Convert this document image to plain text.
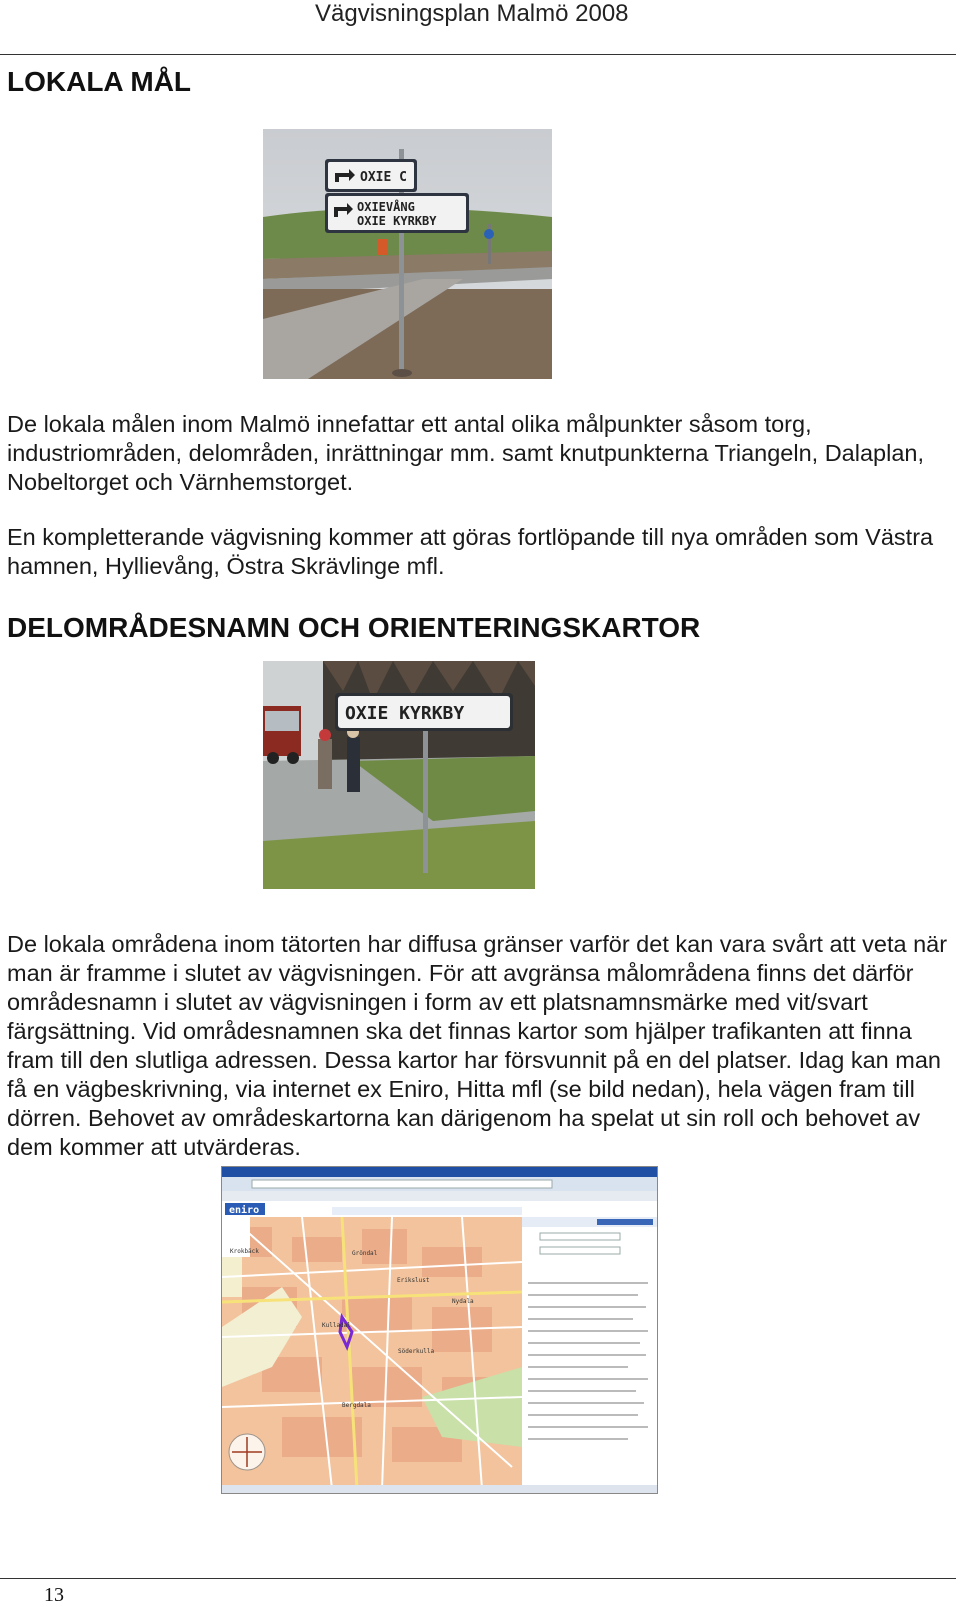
Vägvisningsplan Malmö 2008
LOKALA MÅL
OXIE C
OXIEVÅNG
OXIE KYRKBY

De lokala målen inom Malmö innefattar ett antal olika målpunkter såsom torg, industriområden, delområden, inrättningar mm. samt knutpunkterna Triangeln, Dalaplan, Nobeltorget och Värnhemstorget.

En kompletterande vägvisning kommer att göras fortlöpande till nya områden som Västra hamnen, Hyllievång, Östra Skrävlinge mfl.

DELOMRÅDESNAMN OCH ORIENTERINGSKARTOR
OXIE KYRKBY

De lokala områdena inom tätorten har diffusa gränser varför det kan vara svårt att veta när man är framme i slutet av vägvisningen. För att avgränsa målområdena finns det därför områdesnamn i slutet av vägvisningen i form av ett platsnamnsmärke med vit/svart färgsättning. Vid områdesnamnen ska det finnas kartor som hjälper trafikanten att finna fram till den slutliga adressen. Dessa kartor har försvunnit på en del platser. Idag kan man få en vägbeskrivning, via internet ex Eniro, Hitta mfl (se bild nedan), hela vägen fram till dörren. Behovet av områdeskartorna kan därigenom ha spelat ut sin roll och behovet av dem kommer att utvärderas.

eniro
Krokbäck	Gröndal
Kulladal
Nydala
Söderkulla
Bergdala
Erikslust
13
